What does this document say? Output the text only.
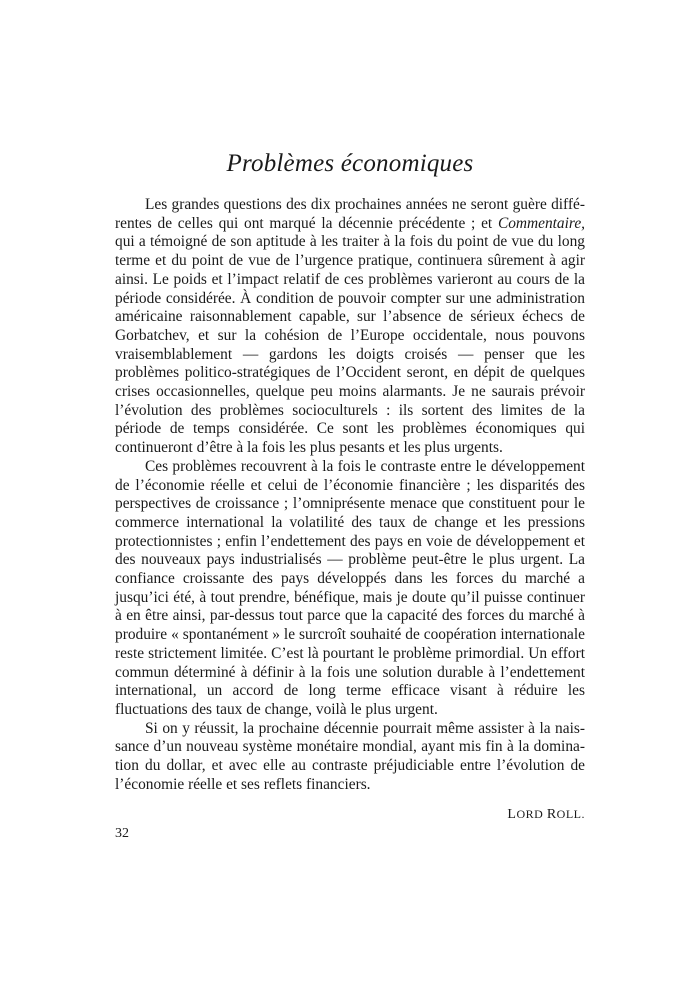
Problèmes économiques

Les grandes questions des dix prochaines années ne seront guère différentes de celles qui ont marqué la décennie précédente ; et Commentaire, qui a témoigné de son aptitude à les traiter à la fois du point de vue du long terme et du point de vue de l’urgence pratique, continuera sûrement à agir ainsi. Le poids et l’impact relatif de ces problèmes varieront au cours de la période considérée. À condition de pouvoir compter sur une administration américaine raisonnablement capable, sur l’absence de sérieux échecs de Gorbatchev, et sur la cohésion de l’Europe occidentale, nous pouvons vraisemblablement — gardons les doigts croisés — penser que les problèmes politico-stratégiques de l’Occident seront, en dépit de quelques crises occasionnelles, quelque peu moins alarmants. Je ne saurais prévoir l’évolution des problèmes socioculturels : ils sortent des limites de la période de temps considérée. Ce sont les problèmes économiques qui continueront d’être à la fois les plus pesants et les plus urgents.

Ces problèmes recouvrent à la fois le contraste entre le développement de l’économie réelle et celui de l’économie financière ; les disparités des perspectives de croissance ; l’omniprésente menace que constituent pour le commerce international la volatilité des taux de change et les pressions protectionnistes ; enfin l’endettement des pays en voie de développement et des nouveaux pays industrialisés — problème peut-être le plus urgent. La confiance croissante des pays développés dans les forces du marché a jusqu’ici été, à tout prendre, bénéfique, mais je doute qu’il puisse continuer à en être ainsi, par-dessus tout parce que la capacité des forces du marché à produire « spontanément » le surcroît souhaité de coopération internationale reste strictement limitée. C’est là pourtant le problème primordial. Un effort commun déterminé à définir à la fois une solution durable à l’endettement international, un accord de long terme efficace visant à réduire les fluctuations des taux de change, voilà le plus urgent.

Si on y réussit, la prochaine décennie pourrait même assister à la naissance d’un nouveau système monétaire mondial, ayant mis fin à la domination du dollar, et avec elle au contraste préjudiciable entre l’évolution de l’économie réelle et ses reflets financiers.

LORD ROLL.
32
